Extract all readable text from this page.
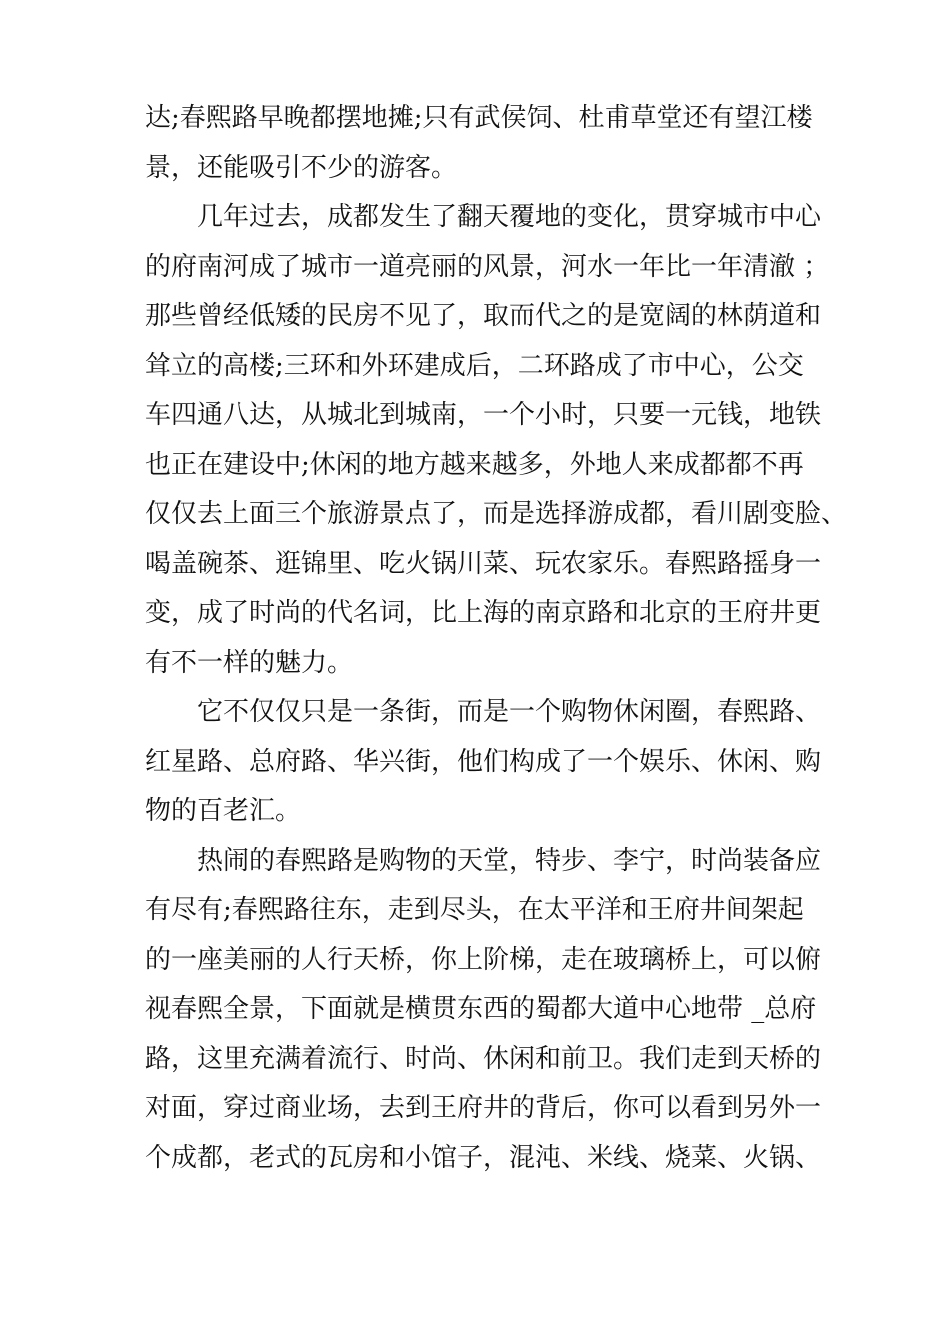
达;春熙路早晚都摆地摊;只有武侯饲、杜甫草堂还有望江楼
景，还能吸引不少的游客。
　　几年过去，成都发生了翻天覆地的变化，贯穿城市中心
的府南河成了城市一道亮丽的风景，河水一年比一年清澈 ；
那些曾经低矮的民房不见了，取而代之的是宽阔的林荫道和
耸立的高楼;三环和外环建成后，二环路成了市中心，公交
车四通八达，从城北到城南，一个小时，只要一元钱，地铁
也正在建设中;休闲的地方越来越多，外地人来成都都不再
仅仅去上面三个旅游景点了，而是选择游成都，看川剧变脸、
喝盖碗茶、逛锦里、吃火锅川菜、玩农家乐。春熙路摇身一
变，成了时尚的代名词，比上海的南京路和北京的王府井更
有不一样的魅力。
　　它不仅仅只是一条街，而是一个购物休闲圈，春熙路、
红星路、总府路、华兴街，他们构成了一个娱乐、休闲、购
物的百老汇。
　　热闹的春熙路是购物的天堂，特步、李宁，时尚装备应
有尽有;春熙路往东，走到尽头，在太平洋和王府井间架起
的一座美丽的人行天桥，你上阶梯，走在玻璃桥上，可以俯
视春熙全景，下面就是横贯东西的蜀都大道中心地带 _总府
路，这里充满着流行、时尚、休闲和前卫。我们走到天桥的
对面，穿过商业场，去到王府井的背后，你可以看到另外一
个成都，老式的瓦房和小馆子，混沌、米线、烧菜、火锅、
